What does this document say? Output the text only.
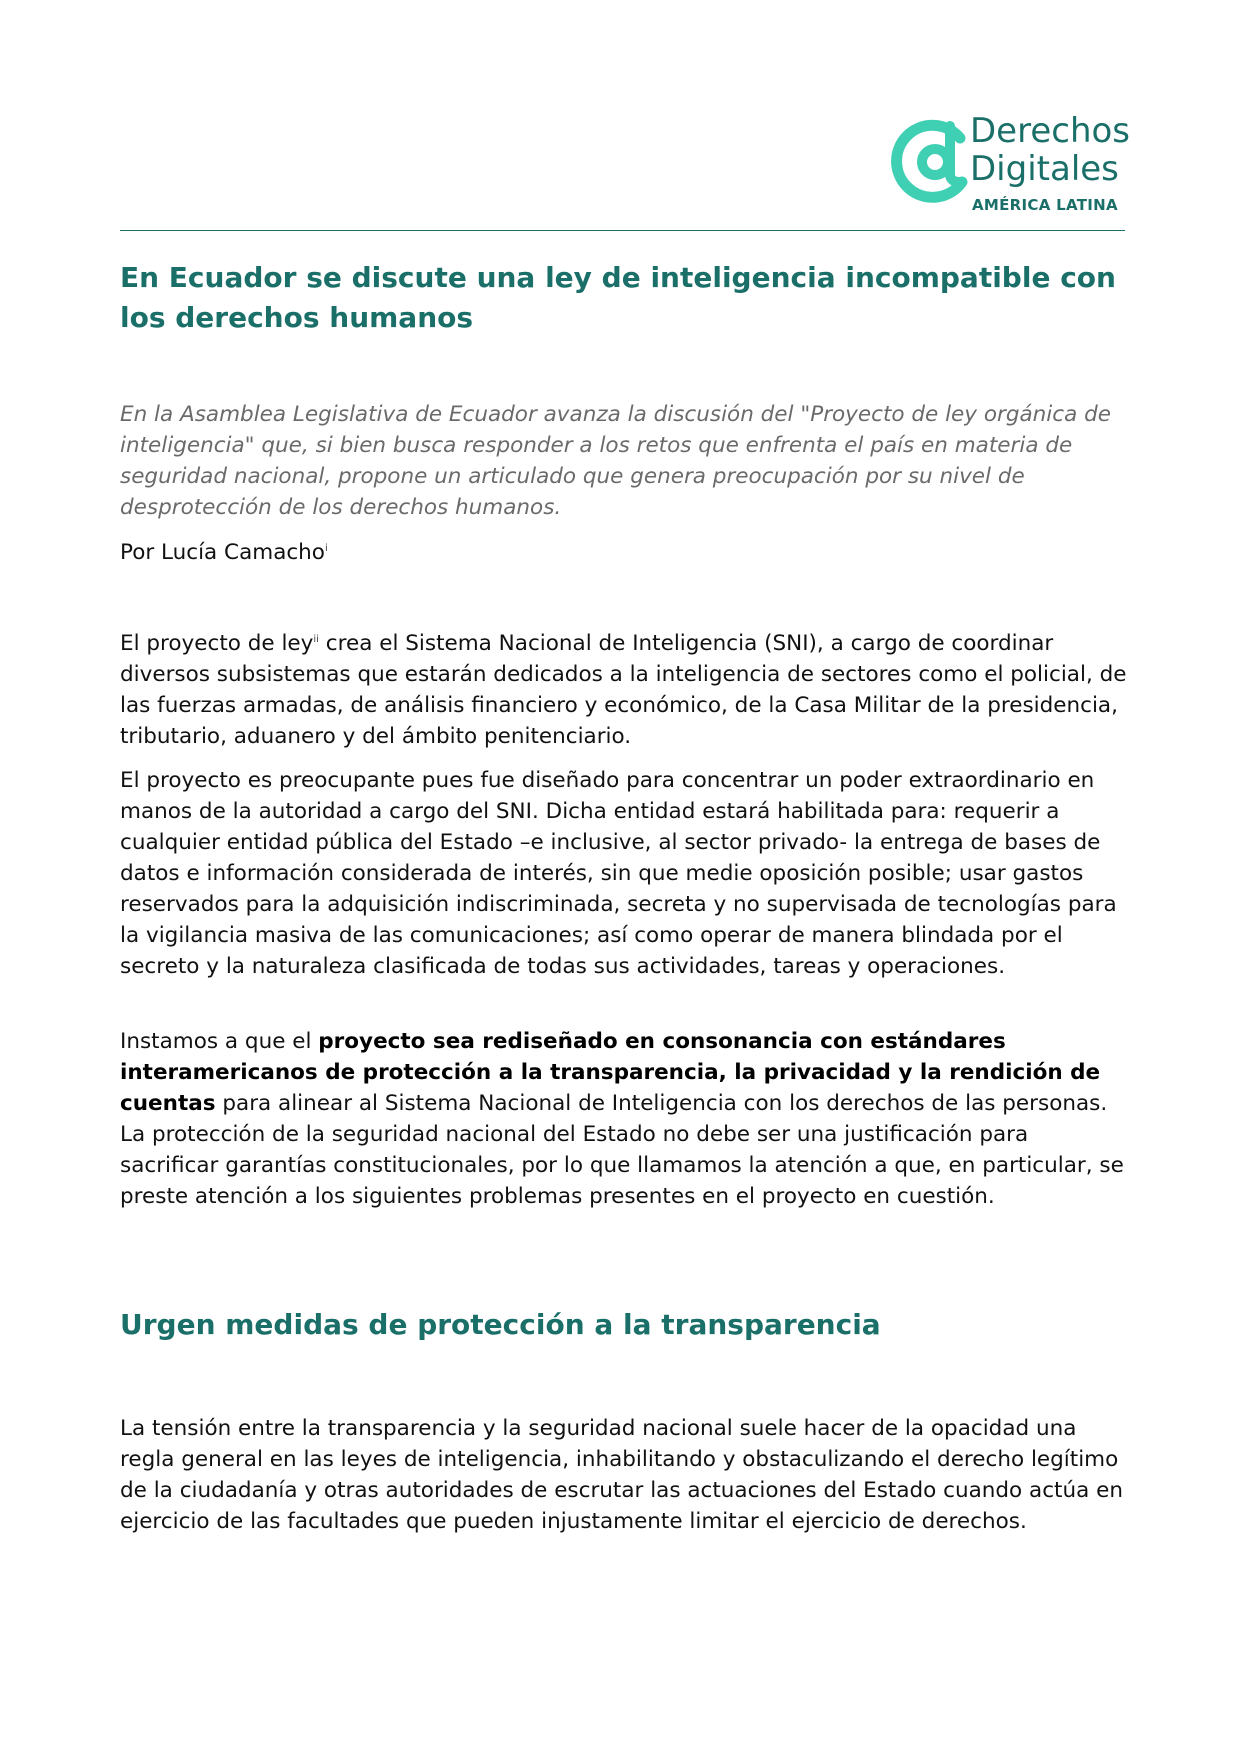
Derechos
Digitales
AMÉRICA LATINA
En Ecuador se discute una ley de inteligencia incompatible con los derechos humanos

En la Asamblea Legislativa de Ecuador avanza la discusión del "Proyecto de ley orgánica de inteligencia" que, si bien busca responder a los retos que enfrenta el país en materia de seguridad nacional, propone un articulado que genera preocupación por su nivel de desprotección de los derechos humanos.

Por Lucía Camacho$^i$

El proyecto de ley$^{ii}$ crea el Sistema Nacional de Inteligencia (SNI), a cargo de coordinar diversos subsistemas que estarán dedicados a la inteligencia de sectores como el policial, de las fuerzas armadas, de análisis financiero y económico, de la Casa Militar de la presidencia, tributario, aduanero y del ámbito penitenciario.

El proyecto es preocupante pues fue diseñado para concentrar un poder extraordinario en manos de la autoridad a cargo del SNI. Dicha entidad estará habilitada para: requerir a cualquier entidad pública del Estado –e inclusive, al sector privado- la entrega de bases de datos e información considerada de interés, sin que medie oposición posible; usar gastos reservados para la adquisición indiscriminada, secreta y no supervisada de tecnologías para la vigilancia masiva de las comunicaciones; así como operar de manera blindada por el secreto y la naturaleza clasificada de todas sus actividades, tareas y operaciones.

Instamos a que el proyecto sea rediseñado en consonancia con estándares interamericanos de protección a la transparencia, la privacidad y la rendición de cuentas para alinear al Sistema Nacional de Inteligencia con los derechos de las personas. La protección de la seguridad nacional del Estado no debe ser una justificación para sacrificar garantías constitucionales, por lo que llamamos la atención a que, en particular, se preste atención a los siguientes problemas presentes en el proyecto en cuestión.

Urgen medidas de protección a la transparencia

La tensión entre la transparencia y la seguridad nacional suele hacer de la opacidad una regla general en las leyes de inteligencia, inhabilitando y obstaculizando el derecho legítimo de la ciudadanía y otras autoridades de escrutar las actuaciones del Estado cuando actúa en ejercicio de las facultades que pueden injustamente limitar el ejercicio de derechos.
